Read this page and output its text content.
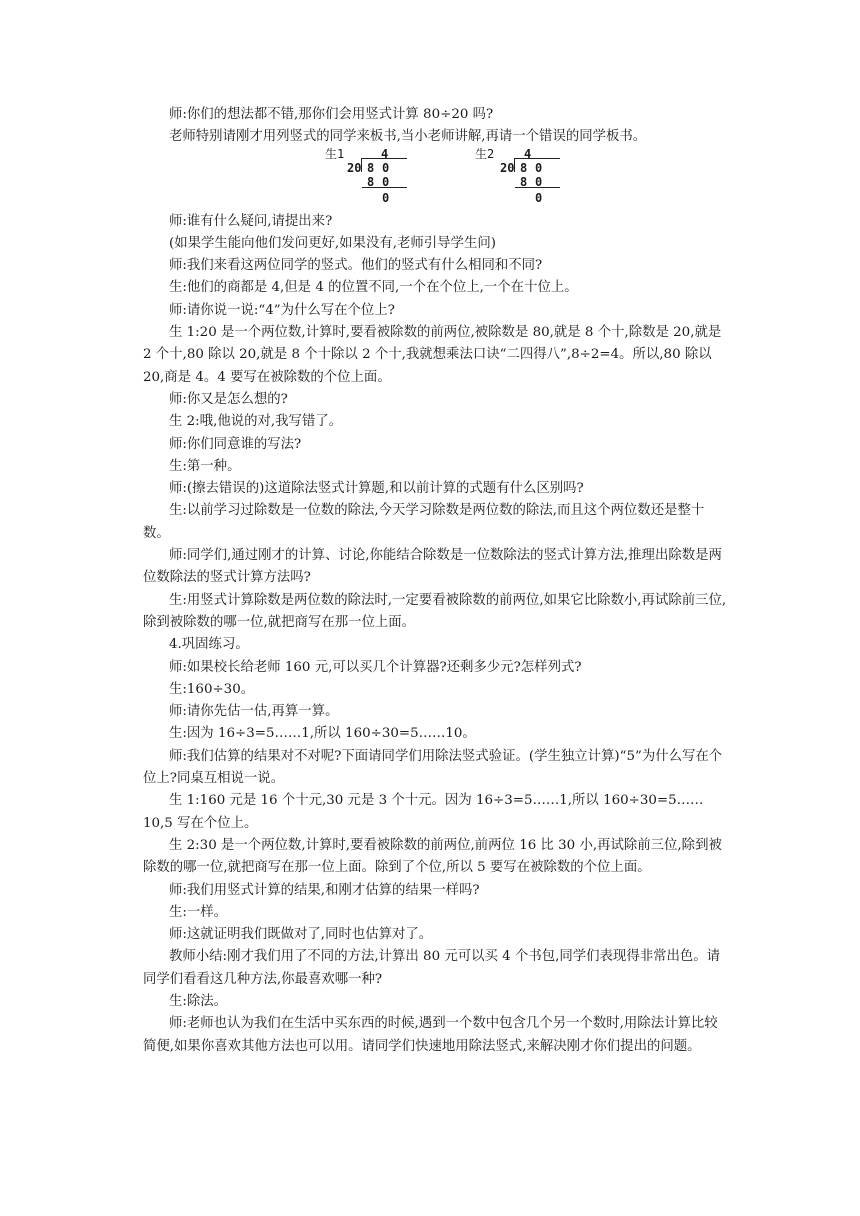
师:你们的想法都不错,那你们会用竖式计算 80÷20 吗?

老师特别请刚才用列竖式的同学来板书,当小老师讲解,再请一个错误的同学板书。

生1	4
20 8 0
8 0
0
生2 4
20 8 0
8 0
0

师:谁有什么疑问,请提出来?

(如果学生能向他们发问更好,如果没有,老师引导学生问)

师:我们来看这两位同学的竖式。他们的竖式有什么相同和不同?

生:他们的商都是 4,但是 4 的位置不同,一个在个位上,一个在十位上。

师:请你说一说:“4”为什么写在个位上?

生 1:20 是一个两位数,计算时,要看被除数的前两位,被除数是 80,就是 8 个十,除数是 20,就是 2 个十,80 除以 20,就是 8 个十除以 2 个十,我就想乘法口诀“二四得八”,8÷2=4。所以,80 除以 20,商是 4。4 要写在被除数的个位上面。

师:你又是怎么想的?

生 2:哦,他说的对,我写错了。

师:你们同意谁的写法?

生:第一种。

师:(擦去错误的)这道除法竖式计算题,和以前计算的式题有什么区别吗?

生:以前学习过除数是一位数的除法,今天学习除数是两位数的除法,而且这个两位数还是整十数。

师:同学们,通过刚才的计算、讨论,你能结合除数是一位数除法的竖式计算方法,推理出除数是两位数除法的竖式计算方法吗?

生:用竖式计算除数是两位数的除法时,一定要看被除数的前两位,如果它比除数小,再试除前三位,除到被除数的哪一位,就把商写在那一位上面。

4.巩固练习。

师:如果校长给老师 160 元,可以买几个计算器?还剩多少元?怎样列式?

生:160÷30。

师:请你先估一估,再算一算。

生:因为 16÷3=5……1,所以 160÷30=5……10。

师:我们估算的结果对不对呢?下面请同学们用除法竖式验证。(学生独立计算)“5”为什么写在个位上?同桌互相说一说。

生 1:160 元是 16 个十元,30 元是 3 个十元。因为 16÷3=5……1,所以 160÷30=5……10,5 写在个位上。

生 2:30 是一个两位数,计算时,要看被除数的前两位,前两位 16 比 30 小,再试除前三位,除到被除数的哪一位,就把商写在那一位上面。除到了个位,所以 5 要写在被除数的个位上面。

师:我们用竖式计算的结果,和刚才估算的结果一样吗?

生:一样。

师:这就证明我们既做对了,同时也估算对了。

教师小结:刚才我们用了不同的方法,计算出 80 元可以买 4 个书包,同学们表现得非常出色。请同学们看看这几种方法,你最喜欢哪一种?

生:除法。

师:老师也认为我们在生活中买东西的时候,遇到一个数中包含几个另一个数时,用除法计算比较简便,如果你喜欢其他方法也可以用。请同学们快速地用除法竖式,来解决刚才你们提出的问题。
